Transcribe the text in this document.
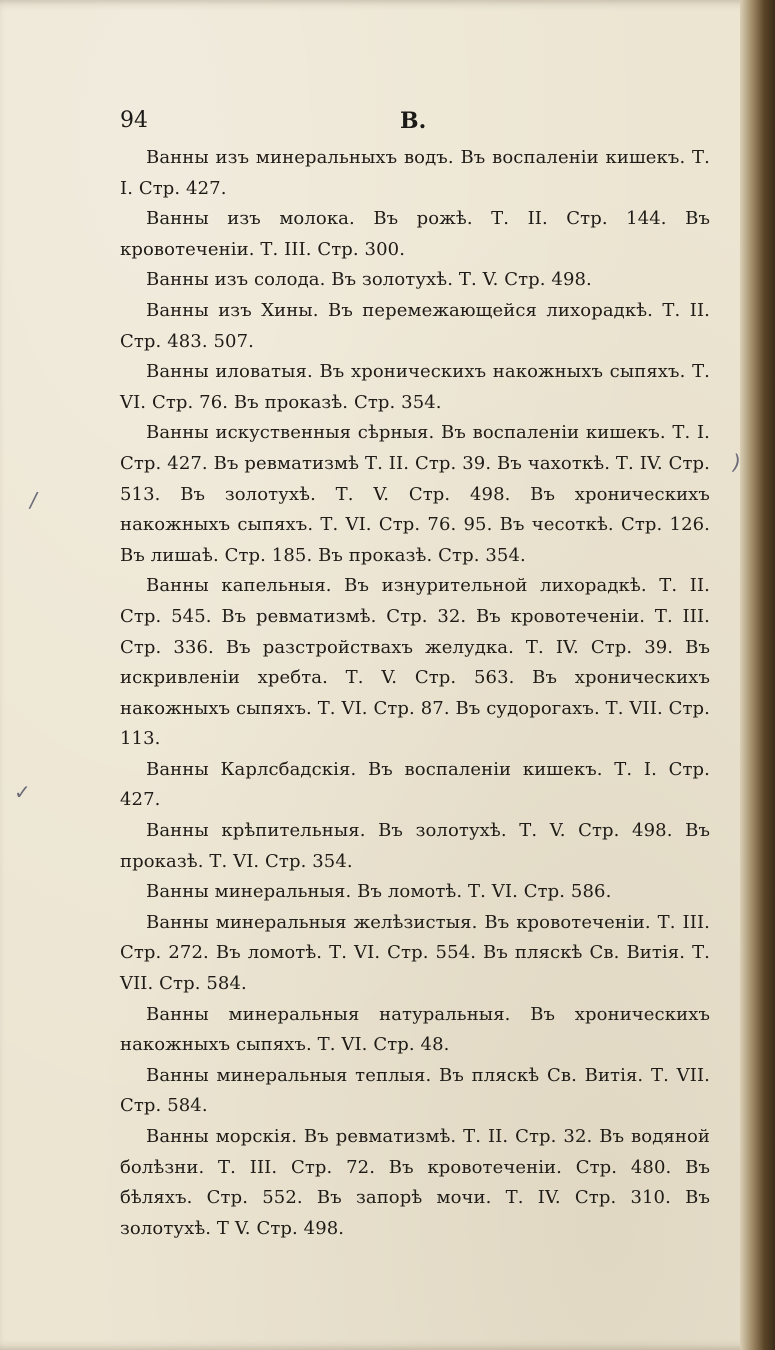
94	В.
/
)
✓

Ванны изъ минеральныхъ водъ. Въ воспаленіи кишекъ. Т. I. Стр. 427.

Ванны изъ молока. Въ рожѣ. Т. II. Стр. 144. Въ кровотеченіи. Т. III. Стр. 300.

Ванны изъ солода. Въ золотухѣ. Т. V. Стр. 498.

Ванны изъ Хины. Въ перемежающейся лихорадкѣ. Т. II. Стр. 483. 507.

Ванны иловатыя. Въ хроническихъ накожныхъ сыпяхъ. Т. VI. Стр. 76. Въ проказѣ. Стр. 354.

Ванны искуственныя сѣрныя. Въ воспаленіи кишекъ. Т. I. Стр. 427. Въ ревматизмѣ Т. II. Стр. 39. Въ чахоткѣ. Т. IV. Стр. 513. Въ золотухѣ. Т. V. Стр. 498. Въ хроническихъ накожныхъ сыпяхъ. Т. VI. Стр. 76. 95. Въ чесоткѣ. Стр. 126. Въ лишаѣ. Стр. 185. Въ проказѣ. Стр. 354.

Ванны капельныя. Въ изнурительной лихорадкѣ. Т. II. Стр. 545. Въ ревматизмѣ. Стр. 32. Въ кровотеченіи. Т. III. Стр. 336. Въ разстройствахъ желудка. Т. IV. Стр. 39. Въ искривленіи хребта. Т. V. Стр. 563. Въ хроническихъ накожныхъ сыпяхъ. Т. VI. Стр. 87. Въ судорогахъ. Т. VII. Стр. 113.

Ванны Карлсбадскія. Въ воспаленіи кишекъ. Т. I. Стр. 427.

Ванны крѣпительныя. Въ золотухѣ. Т. V. Стр. 498. Въ проказѣ. Т. VI. Стр. 354.

Ванны минеральныя. Въ ломотѣ. Т. VI. Стр. 586.

Ванны минеральныя желѣзистыя. Въ кровотеченіи. Т. III. Стр. 272. Въ ломотѣ. Т. VI. Стр. 554. Въ пляскѣ Св. Витія. Т. VII. Стр. 584.

Ванны минеральныя натуральныя. Въ хроническихъ накожныхъ сыпяхъ. Т. VI. Стр. 48.

Ванны минеральныя теплыя. Въ пляскѣ Св. Витія. Т. VII. Стр. 584.

Ванны морскія. Въ ревматизмѣ. Т. II. Стр. 32. Въ водяной болѣзни. Т. III. Стр. 72. Въ кровотеченіи. Стр. 480. Въ бѣляхъ. Стр. 552. Въ запорѣ мочи. Т. IV. Стр. 310. Въ золотухѣ. Т V. Стр. 498.
